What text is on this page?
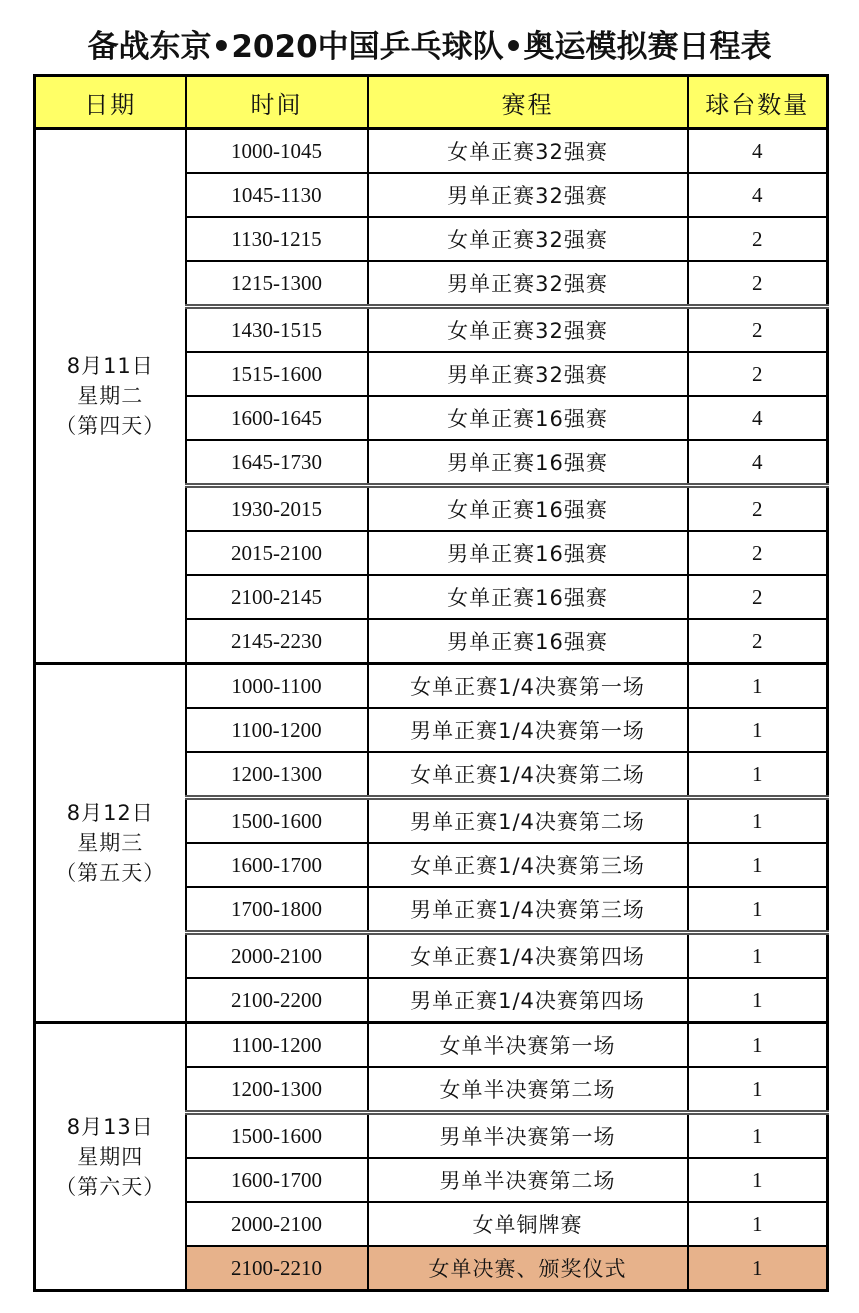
备战东京•2020中国乒乓球队•奥运模拟赛日程表
日期	时间	赛程	球台数量

8月11日
星期二
（第四天）	1000-1045	女单正赛32强赛	4
	1045-1130	男单正赛32强赛	4
	1130-1215	女单正赛32强赛	2
	1215-1300	男单正赛32强赛	2
	1430-1515	女单正赛32强赛	2
	1515-1600	男单正赛32强赛	2
	1600-1645	女单正赛16强赛	4
	1645-1730	男单正赛16强赛	4
	1930-2015	女单正赛16强赛	2
	2015-2100	男单正赛16强赛	2
	2100-2145	女单正赛16强赛	2
	2145-2230	男单正赛16强赛	2

8月12日
星期三
（第五天）	1000-1100	女单正赛1/4决赛第一场	1
	1100-1200	男单正赛1/4决赛第一场	1
	1200-1300	女单正赛1/4决赛第二场	1
	1500-1600	男单正赛1/4决赛第二场	1
	1600-1700	女单正赛1/4决赛第三场	1
	1700-1800	男单正赛1/4决赛第三场	1
	2000-2100	女单正赛1/4决赛第四场	1
	2100-2200	男单正赛1/4决赛第四场	1

8月13日
星期四
（第六天）	1100-1200	女单半决赛第一场	1
	1200-1300	女单半决赛第二场	1
	1500-1600	男单半决赛第一场	1
	1600-1700	男单半决赛第二场	1
	2000-2100	女单铜牌赛	1
	2100-2210	女单决赛、颁奖仪式	1
